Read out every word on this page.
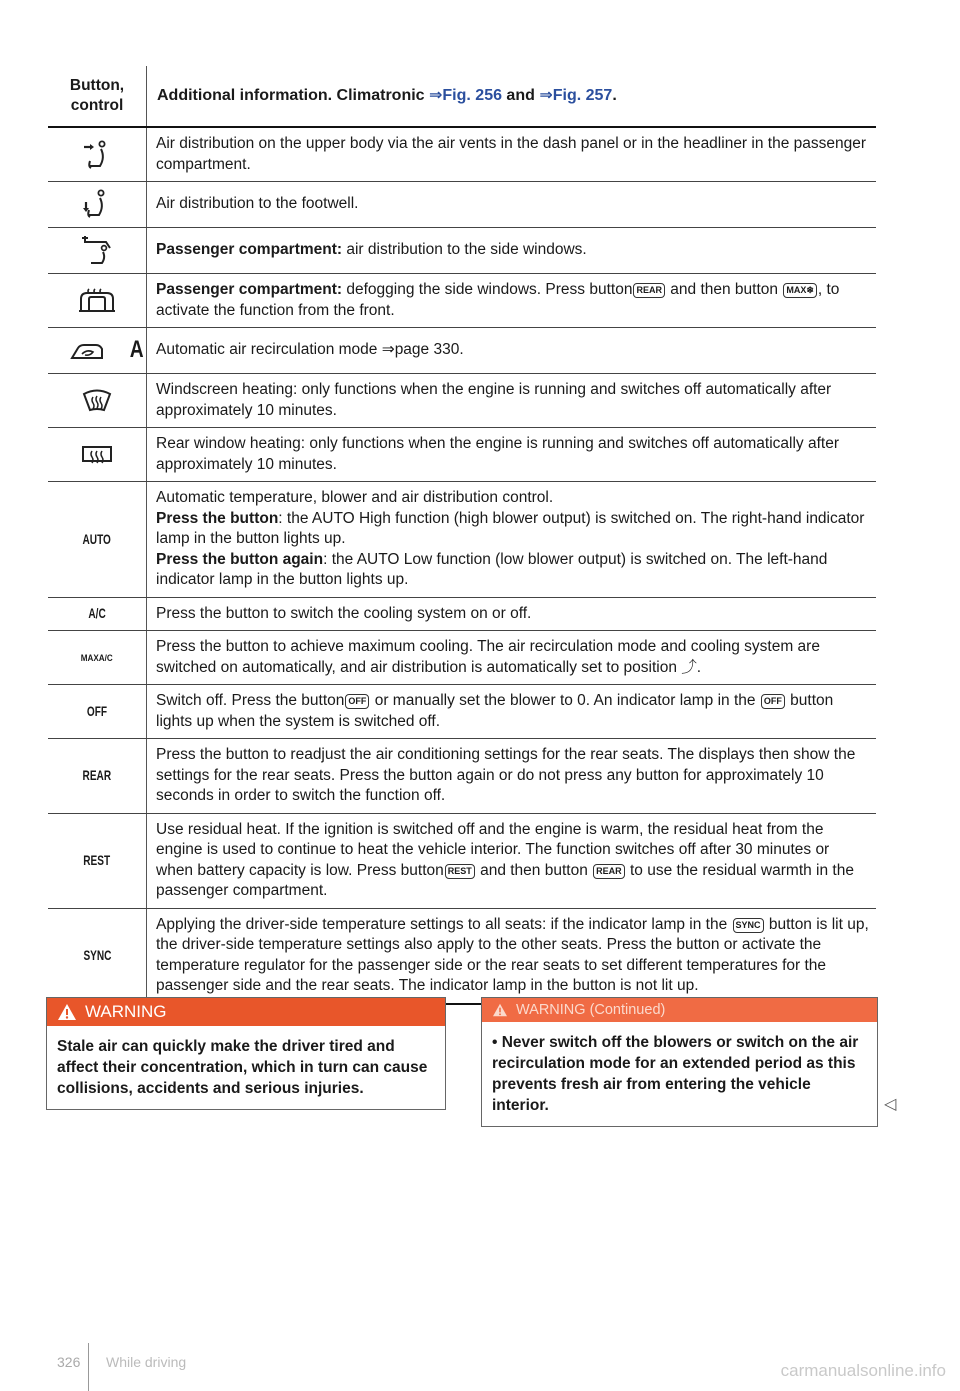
Button, control	Additional information. Climatronic ⇒Fig. 256 and ⇒Fig. 257.

	Air distribution on the upper body via the air vents in the dash panel or in the headliner in the passenger compartment.

	Air distribution to the footwell.

	Passenger compartment: air distribution to the side windows.

	Passenger compartment: defogging the side windows. Press button REAR and then button MAX❄ , to activate the function from the front.

A	Automatic air recirculation mode ⇒page 330.

	Windscreen heating: only functions when the engine is running and switches off automatically after approximately 10 minutes.

	Rear window heating: only functions when the engine is running and switches off automatically after approximately 10 minutes.
AUTO	Automatic temperature, blower and air distribution control.
Press the button: the AUTO High function (high blower output) is switched on. The right-hand indicator lamp in the button lights up.
Press the button again: the AUTO Low function (low blower output) is switched on. The left-hand indicator lamp in the button lights up.

A/C	Press the button to switch the cooling system on or off.
MAXA/C	Press the button to achieve maximum cooling. The air recirculation mode and cooling system are switched on automatically, and air distribution is automatically set to position ⤴.
OFF	Switch off. Press the button OFF or manually set the blower to 0. An indicator lamp in the OFF button lights up when the system is switched off.
REAR	Press the button to readjust the air conditioning settings for the rear seats. The displays then show the settings for the rear seats. Press the button again or do not press any button for approximately 10 seconds in order to switch the function off.
REST	Use residual heat. If the ignition is switched off and the engine is warm, the residual heat from the engine is used to continue to heat the vehicle interior. The function switches off after 30 minutes or when battery capacity is low. Press button REST and then button REAR to use the residual warmth in the passenger compartment.
SYNC	Applying the driver-side temperature settings to all seats: if the indicator lamp in the SYNC button is lit up, the driver-side temperature settings also apply to the other seats. Press the button or activate the temperature regulator for the passenger side or the rear seats to set different temperatures for the passenger side and the rear seats. The indicator lamp in the button is not lit up.
WARNING
Stale air can quickly make the driver tired and affect their concentration, which in turn can cause collisions, accidents and serious injuries.
WARNING (Continued)
• Never switch off the blowers or switch on the air recirculation mode for an extended period as this prevents fresh air from entering the vehicle interior.	◁
326 While driving	carmanualsonline.info
